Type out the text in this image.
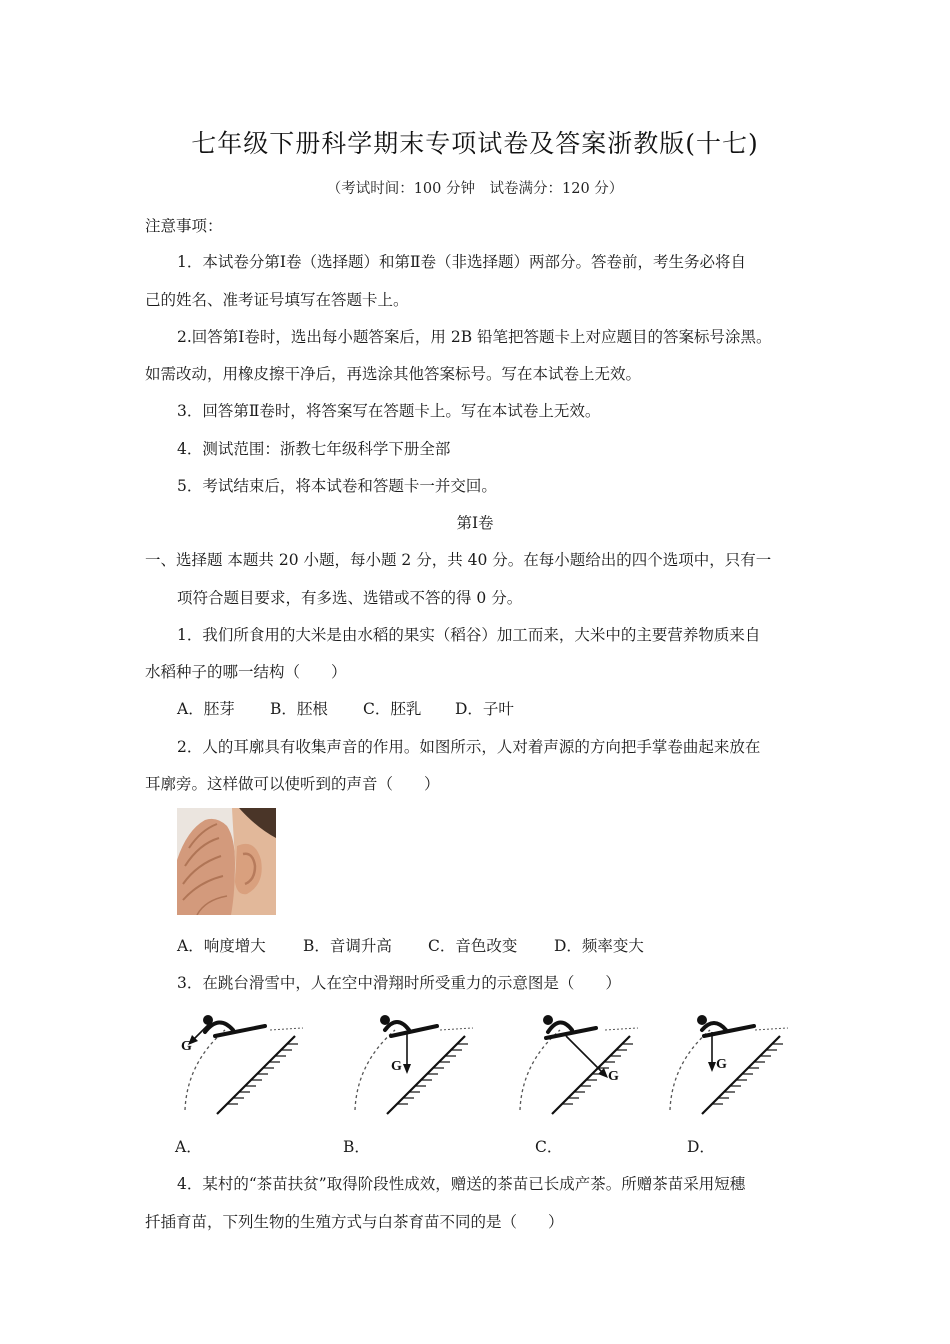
七年级下册科学期末专项试卷及答案浙教版(十七)
（考试时间：100 分钟　试卷满分：120 分）
注意事项：
1．本试卷分第Ⅰ卷（选择题）和第Ⅱ卷（非选择题）两部分。答卷前，考生务必将自
己的姓名、准考证号填写在答题卡上。
2.回答第Ⅰ卷时，选出每小题答案后，用 2B 铅笔把答题卡上对应题目的答案标号涂黑。
如需改动，用橡皮擦干净后，再选涂其他答案标号。写在本试卷上无效。
3．回答第Ⅱ卷时，将答案写在答题卡上。写在本试卷上无效。
4．测试范围：浙教七年级科学下册全部
5．考试结束后，将本试卷和答题卡一并交回。
第Ⅰ卷
一、选择题 本题共 20 小题，每小题 2 分，共 40 分。在每小题给出的四个选项中，只有一
项符合题目要求，有多选、选错或不答的得 0 分。
1．我们所食用的大米是由水稻的果实（稻谷）加工而来，大米中的主要营养物质来自
水稻种子的哪一结构（　　）
A．胚芽 B．胚根 C．胚乳 D．子叶
2．人的耳廓具有收集声音的作用。如图所示，人对着声源的方向把手掌卷曲起来放在
耳廓旁。这样做可以使听到的声音（　　）
A．响度增大 B．音调升高 C．音色改变 D．频率变大
3．在跳台滑雪中，人在空中滑翔时所受重力的示意图是（　　）
G
G
G
G
A．	B．	C．	D．
4．某村的“茶苗扶贫”取得阶段性成效，赠送的茶苗已长成产茶。所赠茶苗采用短穗
扦插育苗，下列生物的生殖方式与白茶育苗不同的是（　　）
